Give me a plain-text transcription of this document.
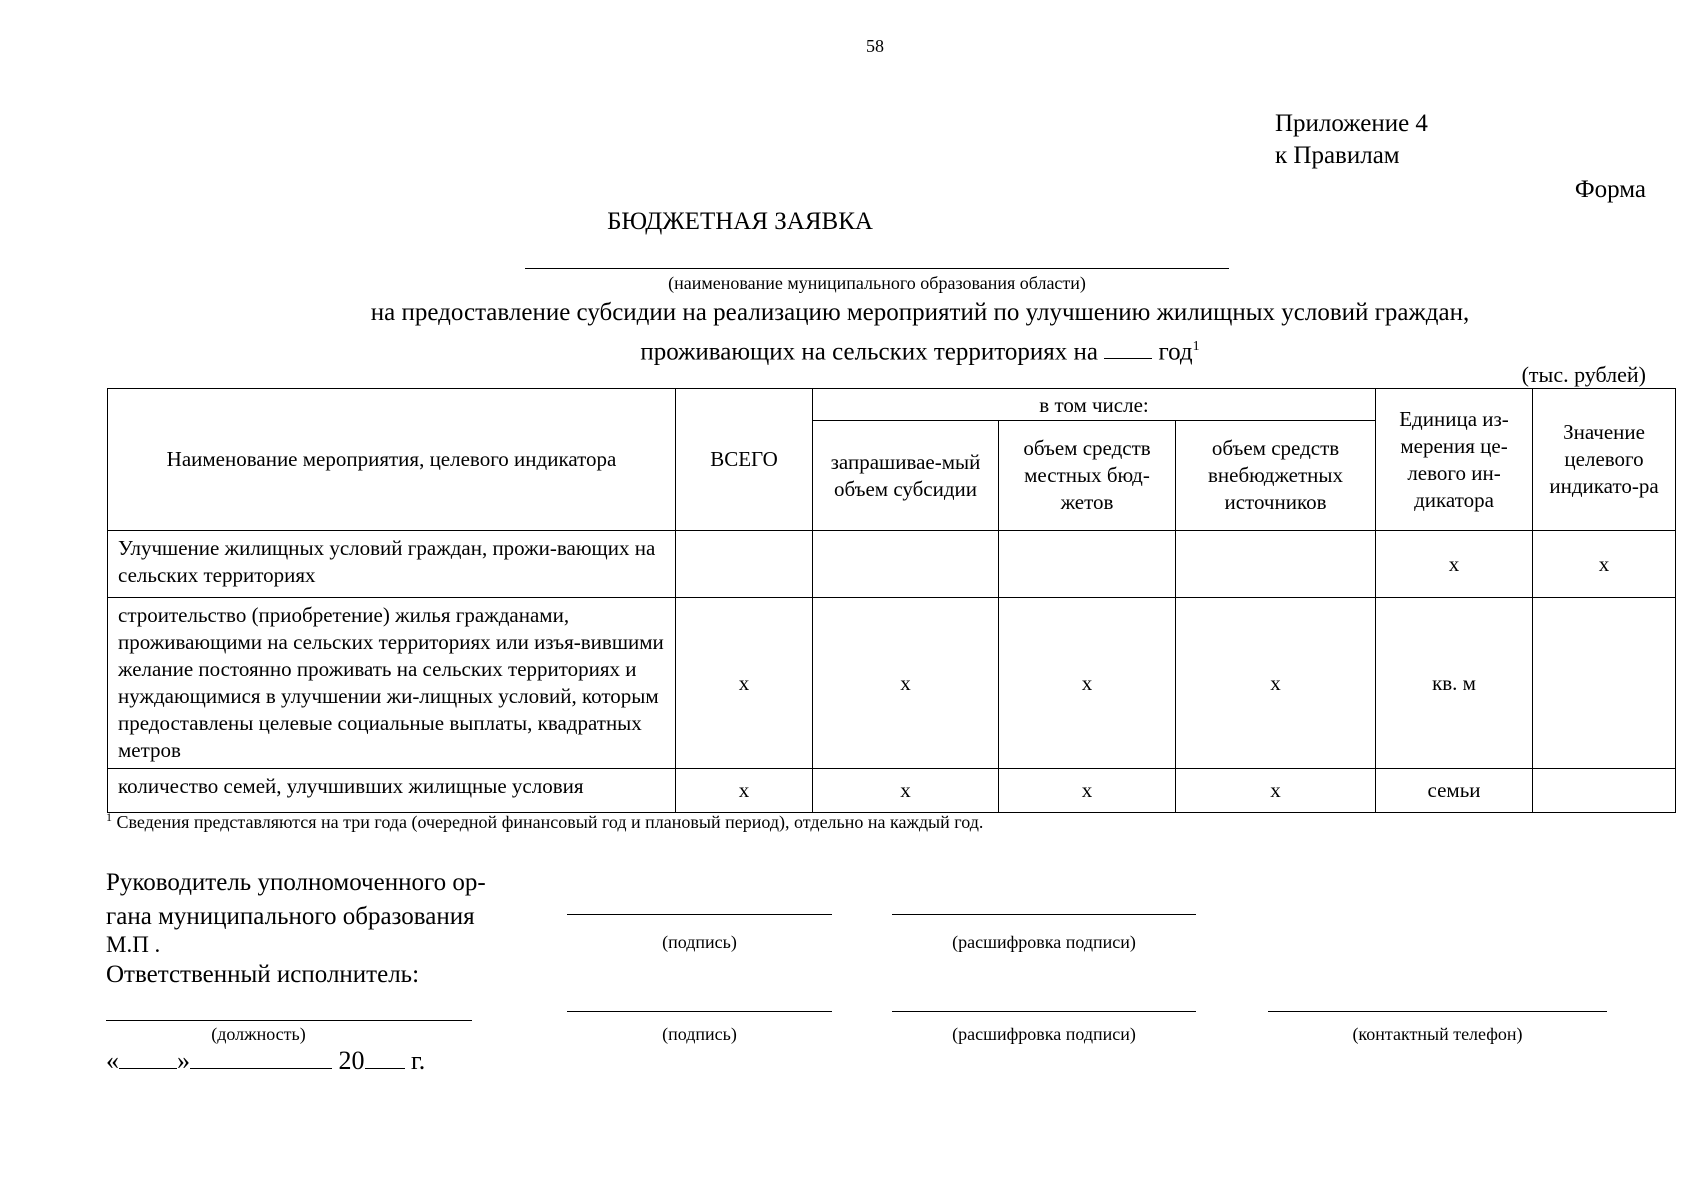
58
Приложение 4
к Правилам
Форма
БЮДЖЕТНАЯ ЗАЯВКА
(наименование муниципального образования области)
на предоставление субсидии на реализацию мероприятий по улучшению жилищных условий граждан,
проживающих на сельских территориях на год$^1$
(тыс. рублей)
Наименование мероприятия, целевого индикатора	ВСЕГО	в том числе:			Единица из-мерения це-левого ин-дикатора	Значение целевого индикато-ра
		запрашивае-мый объем субсидии	объем средств местных бюд-жетов	объем средств внебюджетных источников		
Улучшение жилищных условий граждан, прожи-вающих на сельских территориях					x	x
строительство (приобретение) жилья гражданами, проживающими на сельских территориях или изъя-вившими желание постоянно проживать на сельских территориях и нуждающимися в улучшении жи-лищных условий, которым предоставлены целевые социальные выплаты, квадратных метров	x	x	x	x	кв. м	
количество семей, улучшивших жилищные условия	x	x	x	x	семьи	
$^1$ Сведения представляются на три года (очередной финансовый год и плановый период), отдельно на каждый год.
Руководитель уполномоченного ор-
гана муниципального образования
М.П .
Ответственный исполнитель:
(подпись)	(расшифровка подписи)
(должность)	(подпись)	(расшифровка подписи)	(контактный телефон)
« »	20 г.
